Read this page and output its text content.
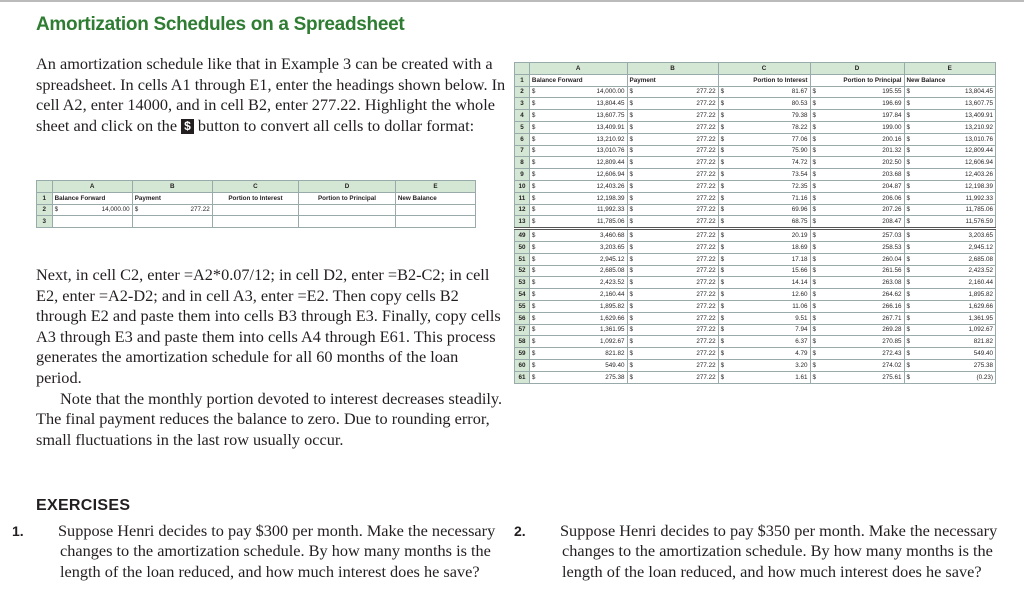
Amortization Schedules on a Spreadsheet

An amortization schedule like that in Example 3 can be created with a spreadsheet. In cells A1 through E1, enter the headings shown below. In cell A2, enter 14000, and in cell B2, enter 277.22. Highlight the whole sheet and click on the $ button to convert all cells to dollar format:

	A	B	C	D	E
1	Balance Forward	Payment	Portion to Interest	Portion to Principal	New Balance
2	$ 14,000.00	$ 277.22			

3					

Next, in cell C2, enter =A2*0.07/12; in cell D2, enter =B2-C2; in cell E2, enter =A2-D2; and in cell A3, enter =E2. Then copy cells B2 through E2 and paste them into cells B3 through E3. Finally, copy cells A3 through E3 and paste them into cells A4 through E61. This process generates the amortization schedule for all 60 months of the loan period.

Note that the monthly portion devoted to interest decreases steadily. The final payment reduces the balance to zero. Due to rounding error, small fluctuations in the last row usually occur.

	A	B	C	D	E
1	Balance Forward	Payment	Portion to Interest	Portion to Principal	New Balance
2	$ 14,000.00	$ 277.22	$ 81.67	$ 195.55	$ 13,804.45

3	$ 13,804.45	$ 277.22	$ 80.53	$ 196.69	$ 13,607.75

4	$ 13,607.75	$ 277.22	$ 79.38	$ 197.84	$ 13,409.91

5	$ 13,409.91	$ 277.22	$ 78.22	$ 199.00	$ 13,210.92

6	$ 13,210.92	$ 277.22	$ 77.06	$ 200.16	$ 13,010.76

7	$ 13,010.76	$ 277.22	$ 75.90	$ 201.32	$ 12,809.44

8	$ 12,809.44	$ 277.22	$ 74.72	$ 202.50	$ 12,606.94

9	$ 12,606.94	$ 277.22	$ 73.54	$ 203.68	$ 12,403.26

10	$ 12,403.26	$ 277.22	$ 72.35	$ 204.87	$ 12,198.39

11	$ 12,198.39	$ 277.22	$ 71.16	$ 206.06	$ 11,992.33

12	$ 11,992.33	$ 277.22	$ 69.96	$ 207.26	$ 11,785.06

13	$ 11,785.06	$ 277.22	$ 68.75	$ 208.47	$ 11,576.59

49	$ 3,460.68	$ 277.22	$ 20.19	$ 257.03	$ 3,203.65

50	$ 3,203.65	$ 277.22	$ 18.69	$ 258.53	$ 2,945.12

51	$ 2,945.12	$ 277.22	$ 17.18	$ 260.04	$ 2,685.08

52	$ 2,685.08	$ 277.22	$ 15.66	$ 261.56	$ 2,423.52

53	$ 2,423.52	$ 277.22	$ 14.14	$ 263.08	$ 2,160.44

54	$ 2,160.44	$ 277.22	$ 12.60	$ 264.62	$ 1,895.82

55	$ 1,895.82	$ 277.22	$ 11.06	$ 266.16	$ 1,629.66

56	$ 1,629.66	$ 277.22	$ 9.51	$ 267.71	$ 1,361.95

57	$ 1,361.95	$ 277.22	$ 7.94	$ 269.28	$ 1,092.67

58	$ 1,092.67	$ 277.22	$ 6.37	$ 270.85	$ 821.82

59	$ 821.82	$ 277.22	$ 4.79	$ 272.43	$ 549.40

60	$ 549.40	$ 277.22	$ 3.20	$ 274.02	$ 275.38

61	$ 275.38	$ 277.22	$ 1.61	$ 275.61	$ (0.23)
EXERCISES
1. Suppose Henri decides to pay $300 per month. Make the necessary changes to the amortization schedule. By how many months is the length of the loan reduced, and how much interest does he save?
2. Suppose Henri decides to pay $350 per month. Make the necessary changes to the amortization schedule. By how many months is the length of the loan reduced, and how much interest does he save?
